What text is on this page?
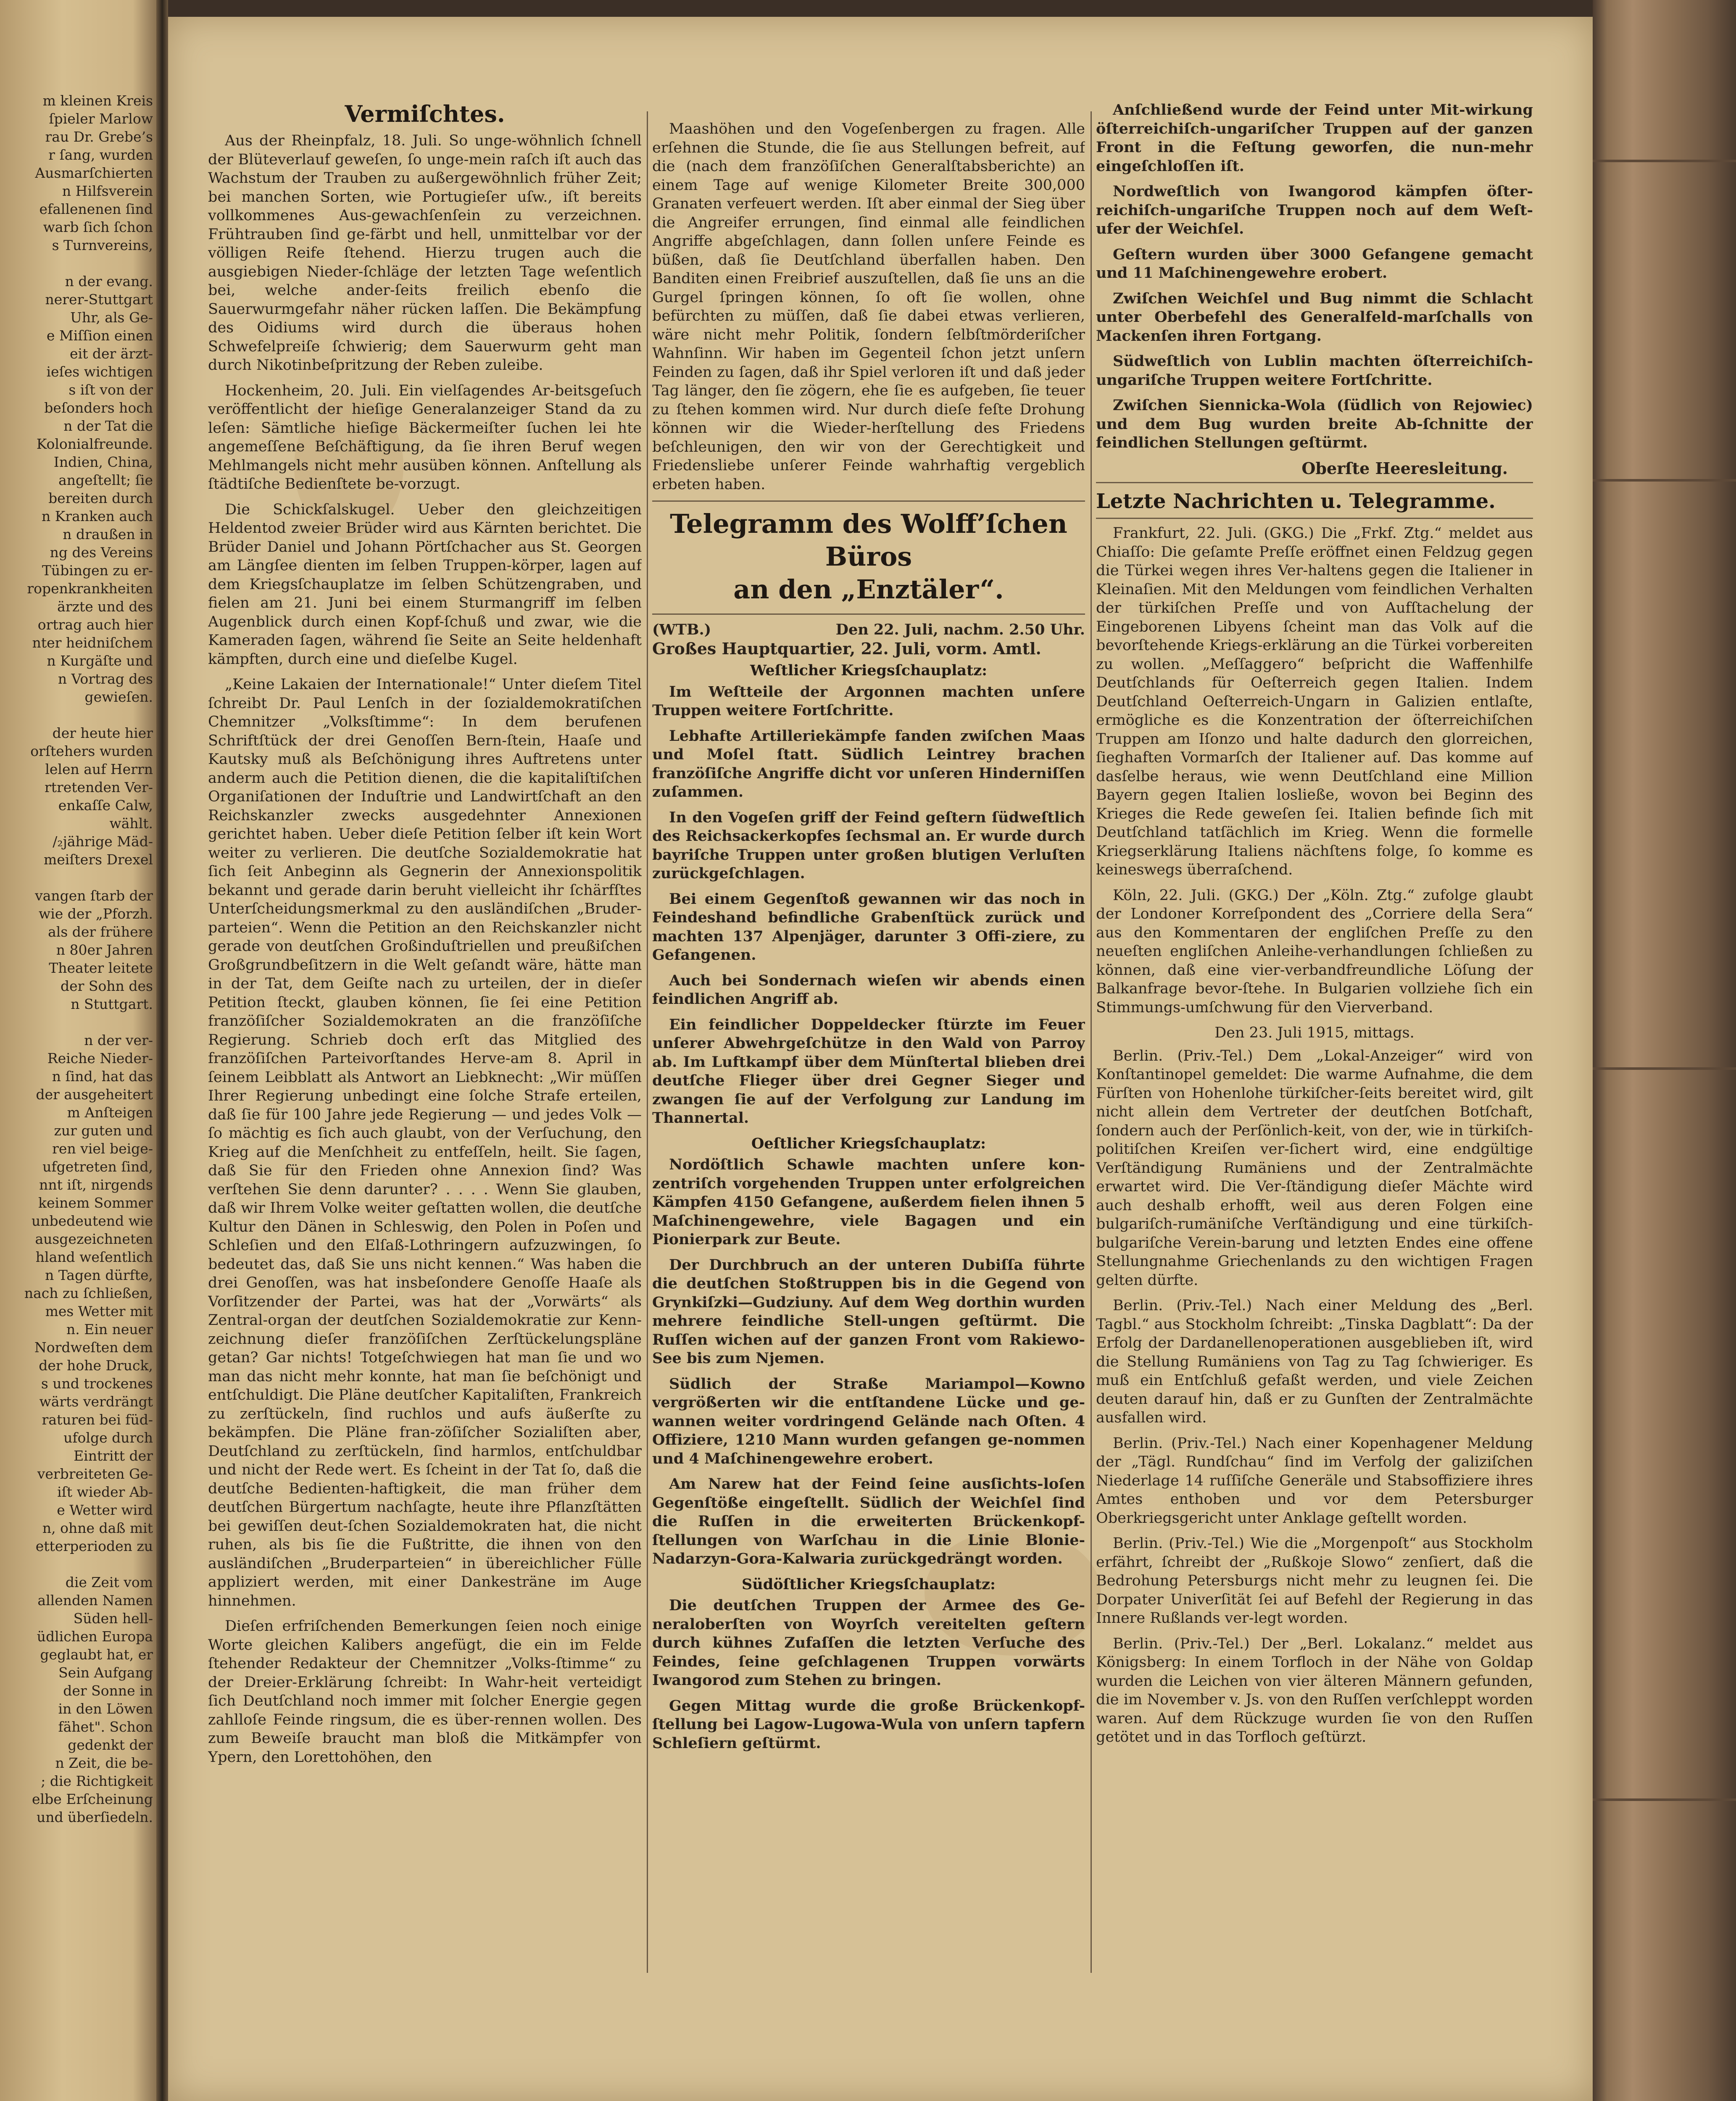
m kleinen Kreis
ſpieler Marlow
rau Dr. Grebe’s
r ſang, wurden
Ausmarſchierten
n Hilfsverein
efallenenen ſind
warb ſich ſchon
s Turnvereins,
n der evang.
nerer-Stuttgart
Uhr, als Ge-
e Miſſion einen
eit der ärzt-
ieſes wichtigen
s iſt von der
beſonders hoch
n der Tat die
Kolonialfreunde.
Indien, China,
angeſtellt; ſie
bereiten durch
n Kranken auch
n draußen in
ng des Vereins
Tübingen zu er-
ropenkrankheiten
ärzte und des
ortrag auch hier
nter heidniſchem
n Kurgäſte und
n Vortrag des
gewieſen.
der heute hier
orſtehers wurden
lelen auf Herrn
rtretenden Ver-
enkaſſe Calw,
wählt.
/₂jährige Mäd-
meiſters Drexel
vangen ſtarb der
wie der „Pforzh.
als der frühere
n 80er Jahren
Theater leitete
der Sohn des
n Stuttgart.
n der ver-
Reiche Nieder-
n ſind, hat das
der ausgeheitert
m Anſteigen
zur guten und
ren viel beige-
ufgetreten ſind,
nnt iſt, nirgends
keinem Sommer
unbedeutend wie
ausgezeichneten
hland weſentlich
n Tagen dürfte,
nach zu ſchließen,
mes Wetter mit
n. Ein neuer
Nordweſten dem
der hohe Druck,
s und trockenes
wärts verdrängt
raturen bei füd-
ufolge durch
Eintritt der
verbreiteten Ge-
iſt wieder Ab-
e Wetter wird
n, ohne daß mit
etterperioden zu
die Zeit vom
allenden Namen
Süden hell-
üdlichen Europa
geglaubt hat, er
Sein Aufgang
der Sonne in
in den Löwen
fähet". Schon
gedenkt der
n Zeit, die be-
; die Richtigkeit
elbe Erſcheinung
und überſiedeln.
Vermiſchtes.

Aus der Rheinpfalz, 18. Juli. So unge-wöhnlich ſchnell der Blüteverlauf geweſen, ſo unge-mein raſch iſt auch das Wachstum der Trauben zu außergewöhnlich früher Zeit; bei manchen Sorten, wie Portugieſer uſw., iſt bereits vollkommenes Aus-gewachſenſein zu verzeichnen. Frühtrauben ſind ge-färbt und hell, unmittelbar vor der völligen Reife ſtehend. Hierzu trugen auch die ausgiebigen Nieder-ſchläge der letzten Tage weſentlich bei, welche ander-ſeits freilich ebenſo die Sauerwurmgefahr näher rücken laſſen. Die Bekämpfung des Oidiums wird durch die überaus hohen Schwefelpreiſe ſchwierig; dem Sauerwurm geht man durch Nikotinbeſpritzung der Reben zuleibe.

Hockenheim, 20. Juli. Ein vielſagendes Ar-beitsgeſuch veröffentlicht der hieſige Generalanzeiger Stand da zu leſen: Sämtliche hieſige Bäckermeiſter ſuchen lei hte angemeſſene Beſchäftigung, da ſie ihren Beruf wegen Mehlmangels nicht mehr ausüben können. Anſtellung als ſtädtiſche Bedienſtete be-vorzugt.

Die Schickſalskugel. Ueber den gleichzeitigen Heldentod zweier Brüder wird aus Kärnten berichtet. Die Brüder Daniel und Johann Pörtſchacher aus St. Georgen am Längſee dienten im ſelben Truppen-körper, lagen auf dem Kriegsſchauplatze im ſelben Schützengraben, und fielen am 21. Juni bei einem Sturmangriff im ſelben Augenblick durch einen Kopf-ſchuß und zwar, wie die Kameraden ſagen, während ſie Seite an Seite heldenhaft kämpften, durch eine und dieſelbe Kugel.

„Keine Lakaien der Internationale!“ Unter dieſem Titel ſchreibt Dr. Paul Lenſch in der ſozialdemokratiſchen Chemnitzer „Volksſtimme“: In dem berufenen Schriftſtück der drei Genoſſen Bern-ſtein, Haaſe und Kautsky muß als Beſchönigung ihres Auftretens unter anderm auch die Petition dienen, die die kapitaliſtiſchen Organiſationen der Induſtrie und Landwirtſchaft an den Reichskanzler zwecks ausgedehnter Annexionen gerichtet haben. Ueber dieſe Petition ſelber iſt kein Wort weiter zu verlieren. Die deutſche Sozialdemokratie hat ſich ſeit Anbeginn als Gegnerin der Annexionspolitik bekannt und gerade darin beruht vielleicht ihr ſchärfſtes Unterſcheidungsmerkmal zu den ausländiſchen „Bruder-parteien“. Wenn die Petition an den Reichskanzler nicht gerade von deutſchen Großinduſtriellen und preußiſchen Großgrundbeſitzern in die Welt geſandt wäre, hätte man in der Tat, dem Geiſte nach zu urteilen, der in dieſer Petition ſteckt, glauben können, ſie ſei eine Petition franzöſiſcher Sozialdemokraten an die franzöſiſche Regierung. Schrieb doch erſt das Mitglied des franzöſiſchen Parteivorſtandes Herve-am 8. April in ſeinem Leibblatt als Antwort an Liebknecht: „Wir müſſen Ihrer Regierung unbedingt eine ſolche Strafe erteilen, daß ſie für 100 Jahre jede Regierung — und jedes Volk — ſo mächtig es ſich auch glaubt, von der Verſuchung, den Krieg auf die Menſchheit zu entfeſſeln, heilt. Sie ſagen, daß Sie für den Frieden ohne Annexion ſind? Was verſtehen Sie denn darunter? . . . . Wenn Sie glauben, daß wir Ihrem Volke weiter geſtatten wollen, die deutſche Kultur den Dänen in Schleswig, den Polen in Poſen und Schleſien und den Elſaß-Lothringern aufzuzwingen, ſo bedeutet das, daß Sie uns nicht kennen.“ Was haben die drei Genoſſen, was hat insbeſondere Genoſſe Haaſe als Vorſitzender der Partei, was hat der „Vorwärts“ als Zentral-organ der deutſchen Sozialdemokratie zur Kenn-zeichnung dieſer franzöſiſchen Zerſtückelungspläne getan? Gar nichts! Totgeſchwiegen hat man ſie und wo man das nicht mehr konnte, hat man ſie beſchönigt und entſchuldigt. Die Pläne deutſcher Kapitaliſten, Frankreich zu zerſtückeln, ſind ruchlos und aufs äußerſte zu bekämpfen. Die Pläne fran-zöſiſcher Sozialiſten aber, Deutſchland zu zerſtückeln, ſind harmlos, entſchuldbar und nicht der Rede wert. Es ſcheint in der Tat ſo, daß die deutſche Bedienten-haftigkeit, die man früher dem deutſchen Bürgertum nachſagte, heute ihre Pflanzſtätten bei gewiſſen deut-ſchen Sozialdemokraten hat, die nicht ruhen, als bis ſie die Fußtritte, die ihnen von den ausländiſchen „Bruderparteien“ in übereichlicher Fülle appliziert werden, mit einer Dankesträne im Auge hinnehmen.

Dieſen erfriſchenden Bemerkungen ſeien noch einige Worte gleichen Kalibers angefügt, die ein im Felde ſtehender Redakteur der Chemnitzer „Volks-ſtimme“ zu der Dreier-Erklärung ſchreibt: In Wahr-heit verteidigt ſich Deutſchland noch immer mit ſolcher Energie gegen zahlloſe Feinde ringsum, die es über-rennen wollen. Des zum Beweiſe braucht man bloß die Mitkämpfer von Ypern, den Lorettohöhen, den

Maashöhen und den Vogeſenbergen zu fragen. Alle erſehnen die Stunde, die ſie aus Stellungen befreit, auf die (nach dem franzöſiſchen Generalſtabsberichte) an einem Tage auf wenige Kilometer Breite 300,000 Granaten verfeuert werden. Iſt aber einmal der Sieg über die Angreifer errungen, ſind einmal alle feindlichen Angriffe abgeſchlagen, dann ſollen unſere Feinde es büßen, daß ſie Deutſchland überfallen haben. Den Banditen einen Freibrief auszuſtellen, daß ſie uns an die Gurgel ſpringen können, ſo oft ſie wollen, ohne befürchten zu müſſen, daß ſie dabei etwas verlieren, wäre nicht mehr Politik, ſondern ſelbſtmörderiſcher Wahnſinn. Wir haben im Gegenteil ſchon jetzt unſern Feinden zu ſagen, daß ihr Spiel verloren iſt und daß jeder Tag länger, den ſie zögern, ehe ſie es aufgeben, ſie teuer zu ſtehen kommen wird. Nur durch dieſe feſte Drohung können wir die Wieder-herſtellung des Friedens beſchleunigen, den wir von der Gerechtigkeit und Friedensliebe unſerer Feinde wahrhaftig vergeblich erbeten haben.

Telegramm des Wolff’ſchen Büros
an den „Enztäler“.
(WTB.)	Den 22. Juli, nachm. 2.50 Uhr.
Großes Hauptquartier, 22. Juli, vorm. Amtl.
Weſtlicher Kriegsſchauplatz:

Im Weſtteile der Argonnen machten unſere Truppen weitere Fortſchritte.

Lebhafte Artilleriekämpfe fanden zwiſchen Maas und Moſel ſtatt. Südlich Leintrey brachen franzöſiſche Angriffe dicht vor unſeren Hinderniſſen zuſammen.

In den Vogeſen griff der Feind geſtern ſüdweſtlich des Reichsackerkopfes ſechsmal an. Er wurde durch bayriſche Truppen unter großen blutigen Verluſten zurückgeſchlagen.

Bei einem Gegenſtoß gewannen wir das noch in Feindeshand befindliche Grabenſtück zurück und machten 137 Alpenjäger, darunter 3 Offi-ziere, zu Gefangenen.

Auch bei Sondernach wieſen wir abends einen feindlichen Angriff ab.

Ein feindlicher Doppeldecker ſtürzte im Feuer unſerer Abwehrgeſchütze in den Wald von Parroy ab. Im Luftkampf über dem Münſtertal blieben drei deutſche Flieger über drei Gegner Sieger und zwangen ſie auf der Verfolgung zur Landung im Thannertal.

Oeſtlicher Kriegsſchauplatz:

Nordöſtlich Schawle machten unſere kon-zentriſch vorgehenden Truppen unter erfolgreichen Kämpfen 4150 Gefangene, außerdem fielen ihnen 5 Maſchinengewehre, viele Bagagen und ein Pionierpark zur Beute.

Der Durchbruch an der unteren Dubiſſa führte die deutſchen Stoßtruppen bis in die Gegend von Grynkiſzki—Gudziuny. Auf dem Weg dorthin wurden mehrere feindliche Stell-ungen geſtürmt. Die Ruſſen wichen auf der ganzen Front vom Rakiewo-See bis zum Njemen.

Südlich der Straße Mariampol—Kowno vergrößerten wir die entſtandene Lücke und ge-wannen weiter vordringend Gelände nach Oſten. 4 Offiziere, 1210 Mann wurden gefangen ge-nommen und 4 Maſchinengewehre erobert.

Am Narew hat der Feind ſeine ausſichts-loſen Gegenſtöße eingeſtellt. Südlich der Weichſel ſind die Ruſſen in die erweiterten Brückenkopf-ſtellungen von Warſchau in die Linie Blonie-Nadarzyn-Gora-Kalwaria zurückgedrängt worden.

Südöſtlicher Kriegsſchauplatz:

Die deutſchen Truppen der Armee des Ge-neraloberſten von Woyrſch vereitelten geſtern durch kühnes Zufaſſen die letzten Verſuche des Feindes, ſeine geſchlagenen Truppen vorwärts Iwangorod zum Stehen zu bringen.

Gegen Mittag wurde die große Brückenkopf-ſtellung bei Lagow-Lugowa-Wula von unſern tapfern Schleſiern geſtürmt.

Anſchließend wurde der Feind unter Mit-wirkung öſterreichiſch-ungariſcher Truppen auf der ganzen Front in die Feſtung geworfen, die nun-mehr eingeſchloſſen iſt.

Nordweſtlich von Iwangorod kämpfen öſter-reichiſch-ungariſche Truppen noch auf dem Weſt-ufer der Weichſel.

Geſtern wurden über 3000 Gefangene gemacht und 11 Maſchinengewehre erobert.

Zwiſchen Weichſel und Bug nimmt die Schlacht unter Oberbefehl des Generalfeld-marſchalls von Mackenſen ihren Fortgang.

Südweſtlich von Lublin machten öſterreichiſch-ungariſche Truppen weitere Fortſchritte.

Zwiſchen Siennicka-Wola (ſüdlich von Rejowiec) und dem Bug wurden breite Ab-ſchnitte der feindlichen Stellungen geſtürmt.

Oberſte Heeresleitung.
Letzte Nachrichten u. Telegramme.

Frankfurt, 22. Juli. (GKG.) Die „Frkf. Ztg.“ meldet aus Chiaſſo: Die geſamte Preſſe eröffnet einen Feldzug gegen die Türkei wegen ihres Ver-haltens gegen die Italiener in Kleinaſien. Mit den Meldungen vom feindlichen Verhalten der türkiſchen Preſſe und von Aufſtachelung der Eingeborenen Libyens ſcheint man das Volk auf die bevorſtehende Kriegs-erklärung an die Türkei vorbereiten zu wollen. „Meſſaggero“ beſpricht die Waffenhilfe Deutſchlands für Oeſterreich gegen Italien. Indem Deutſchland Oeſterreich-Ungarn in Galizien entlaſte, ermögliche es die Konzentration der öſterreichiſchen Truppen am Iſonzo und halte dadurch den glorreichen, ſieghaften Vormarſch der Italiener auf. Das komme auf dasſelbe heraus, wie wenn Deutſchland eine Million Bayern gegen Italien losließe, wovon bei Beginn des Krieges die Rede geweſen ſei. Italien befinde ſich mit Deutſchland tatſächlich im Krieg. Wenn die formelle Kriegserklärung Italiens nächſtens folge, ſo komme es keineswegs überraſchend.

Köln, 22. Juli. (GKG.) Der „Köln. Ztg.“ zufolge glaubt der Londoner Korreſpondent des „Corriere della Sera“ aus den Kommentaren der engliſchen Preſſe zu den neueſten engliſchen Anleihe-verhandlungen ſchließen zu können, daß eine vier-verbandfreundliche Löſung der Balkanfrage bevor-ſtehe. In Bulgarien vollziehe ſich ein Stimmungs-umſchwung für den Vierverband.

Den 23. Juli 1915, mittags.

Berlin. (Priv.-Tel.) Dem „Lokal-Anzeiger“ wird von Konſtantinopel gemeldet: Die warme Aufnahme, die dem Fürſten von Hohenlohe türkiſcher-ſeits bereitet wird, gilt nicht allein dem Vertreter der deutſchen Botſchaft, ſondern auch der Perſönlich-keit, von der, wie in türkiſch-politiſchen Kreiſen ver-ſichert wird, eine endgültige Verſtändigung Rumäniens und der Zentralmächte erwartet wird. Die Ver-ſtändigung dieſer Mächte wird auch deshalb erhofft, weil aus deren Folgen eine bulgariſch-rumäniſche Verſtändigung und eine türkiſch-bulgariſche Verein-barung und letzten Endes eine offene Stellungnahme Griechenlands zu den wichtigen Fragen gelten dürfte.

Berlin. (Priv.-Tel.) Nach einer Meldung des „Berl. Tagbl.“ aus Stockholm ſchreibt: „Tinska Dagblatt“: Da der Erfolg der Dardanellenoperationen ausgeblieben iſt, wird die Stellung Rumäniens von Tag zu Tag ſchwieriger. Es muß ein Entſchluß gefaßt werden, und viele Zeichen deuten darauf hin, daß er zu Gunſten der Zentralmächte ausfallen wird.

Berlin. (Priv.-Tel.) Nach einer Kopenhagener Meldung der „Tägl. Rundſchau“ ſind im Verfolg der galiziſchen Niederlage 14 ruſſiſche Generäle und Stabsoffiziere ihres Amtes enthoben und vor dem Petersburger Oberkriegsgericht unter Anklage geſtellt worden.

Berlin. (Priv.-Tel.) Wie die „Morgenpoſt“ aus Stockholm erfährt, ſchreibt der „Rußkoje Slowo“ zenſiert, daß die Bedrohung Petersburgs nicht mehr zu leugnen ſei. Die Dorpater Univerſität ſei auf Befehl der Regierung in das Innere Rußlands ver-legt worden.

Berlin. (Priv.-Tel.) Der „Berl. Lokalanz.“ meldet aus Königsberg: In einem Torfloch in der Nähe von Goldap wurden die Leichen von vier älteren Männern gefunden, die im November v. Js. von den Ruſſen verſchleppt worden waren. Auf dem Rückzuge wurden ſie von den Ruſſen getötet und in das Torfloch geſtürzt.
